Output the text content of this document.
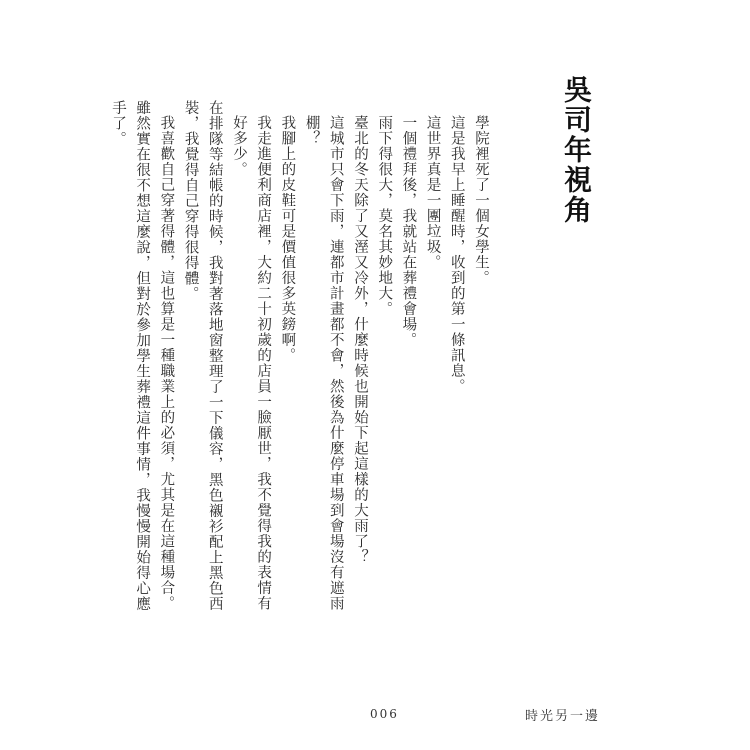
吳司年視角

學院裡死了一個女學生。

這是我早上睡醒時，收到的第一條訊息。

這世界真是一團垃圾。

一個禮拜後，我就站在葬禮會場。

雨下得很大，莫名其妙地大。

臺北的冬天除了又溼又冷外，什麼時候也開始下起這樣的大雨了？

這城市只會下雨，連都市計畫都不會，然後為什麼停車場到會場沒有遮雨棚？

我腳上的皮鞋可是價值很多英鎊啊。

我走進便利商店裡，大約二十初歲的店員一臉厭世，我不覺得我的表情有好多少。

在排隊等結帳的時候，我對著落地窗整理了一下儀容，黑色襯衫配上黑色西裝，我覺得自己穿得很得體。

我喜歡自己穿著得體，這也算是一種職業上的必須，尤其是在這種場合。

雖然實在很不想這麼說，但對於參加學生葬禮這件事情，我慢慢開始得心應手了。

006	時光另一邊
